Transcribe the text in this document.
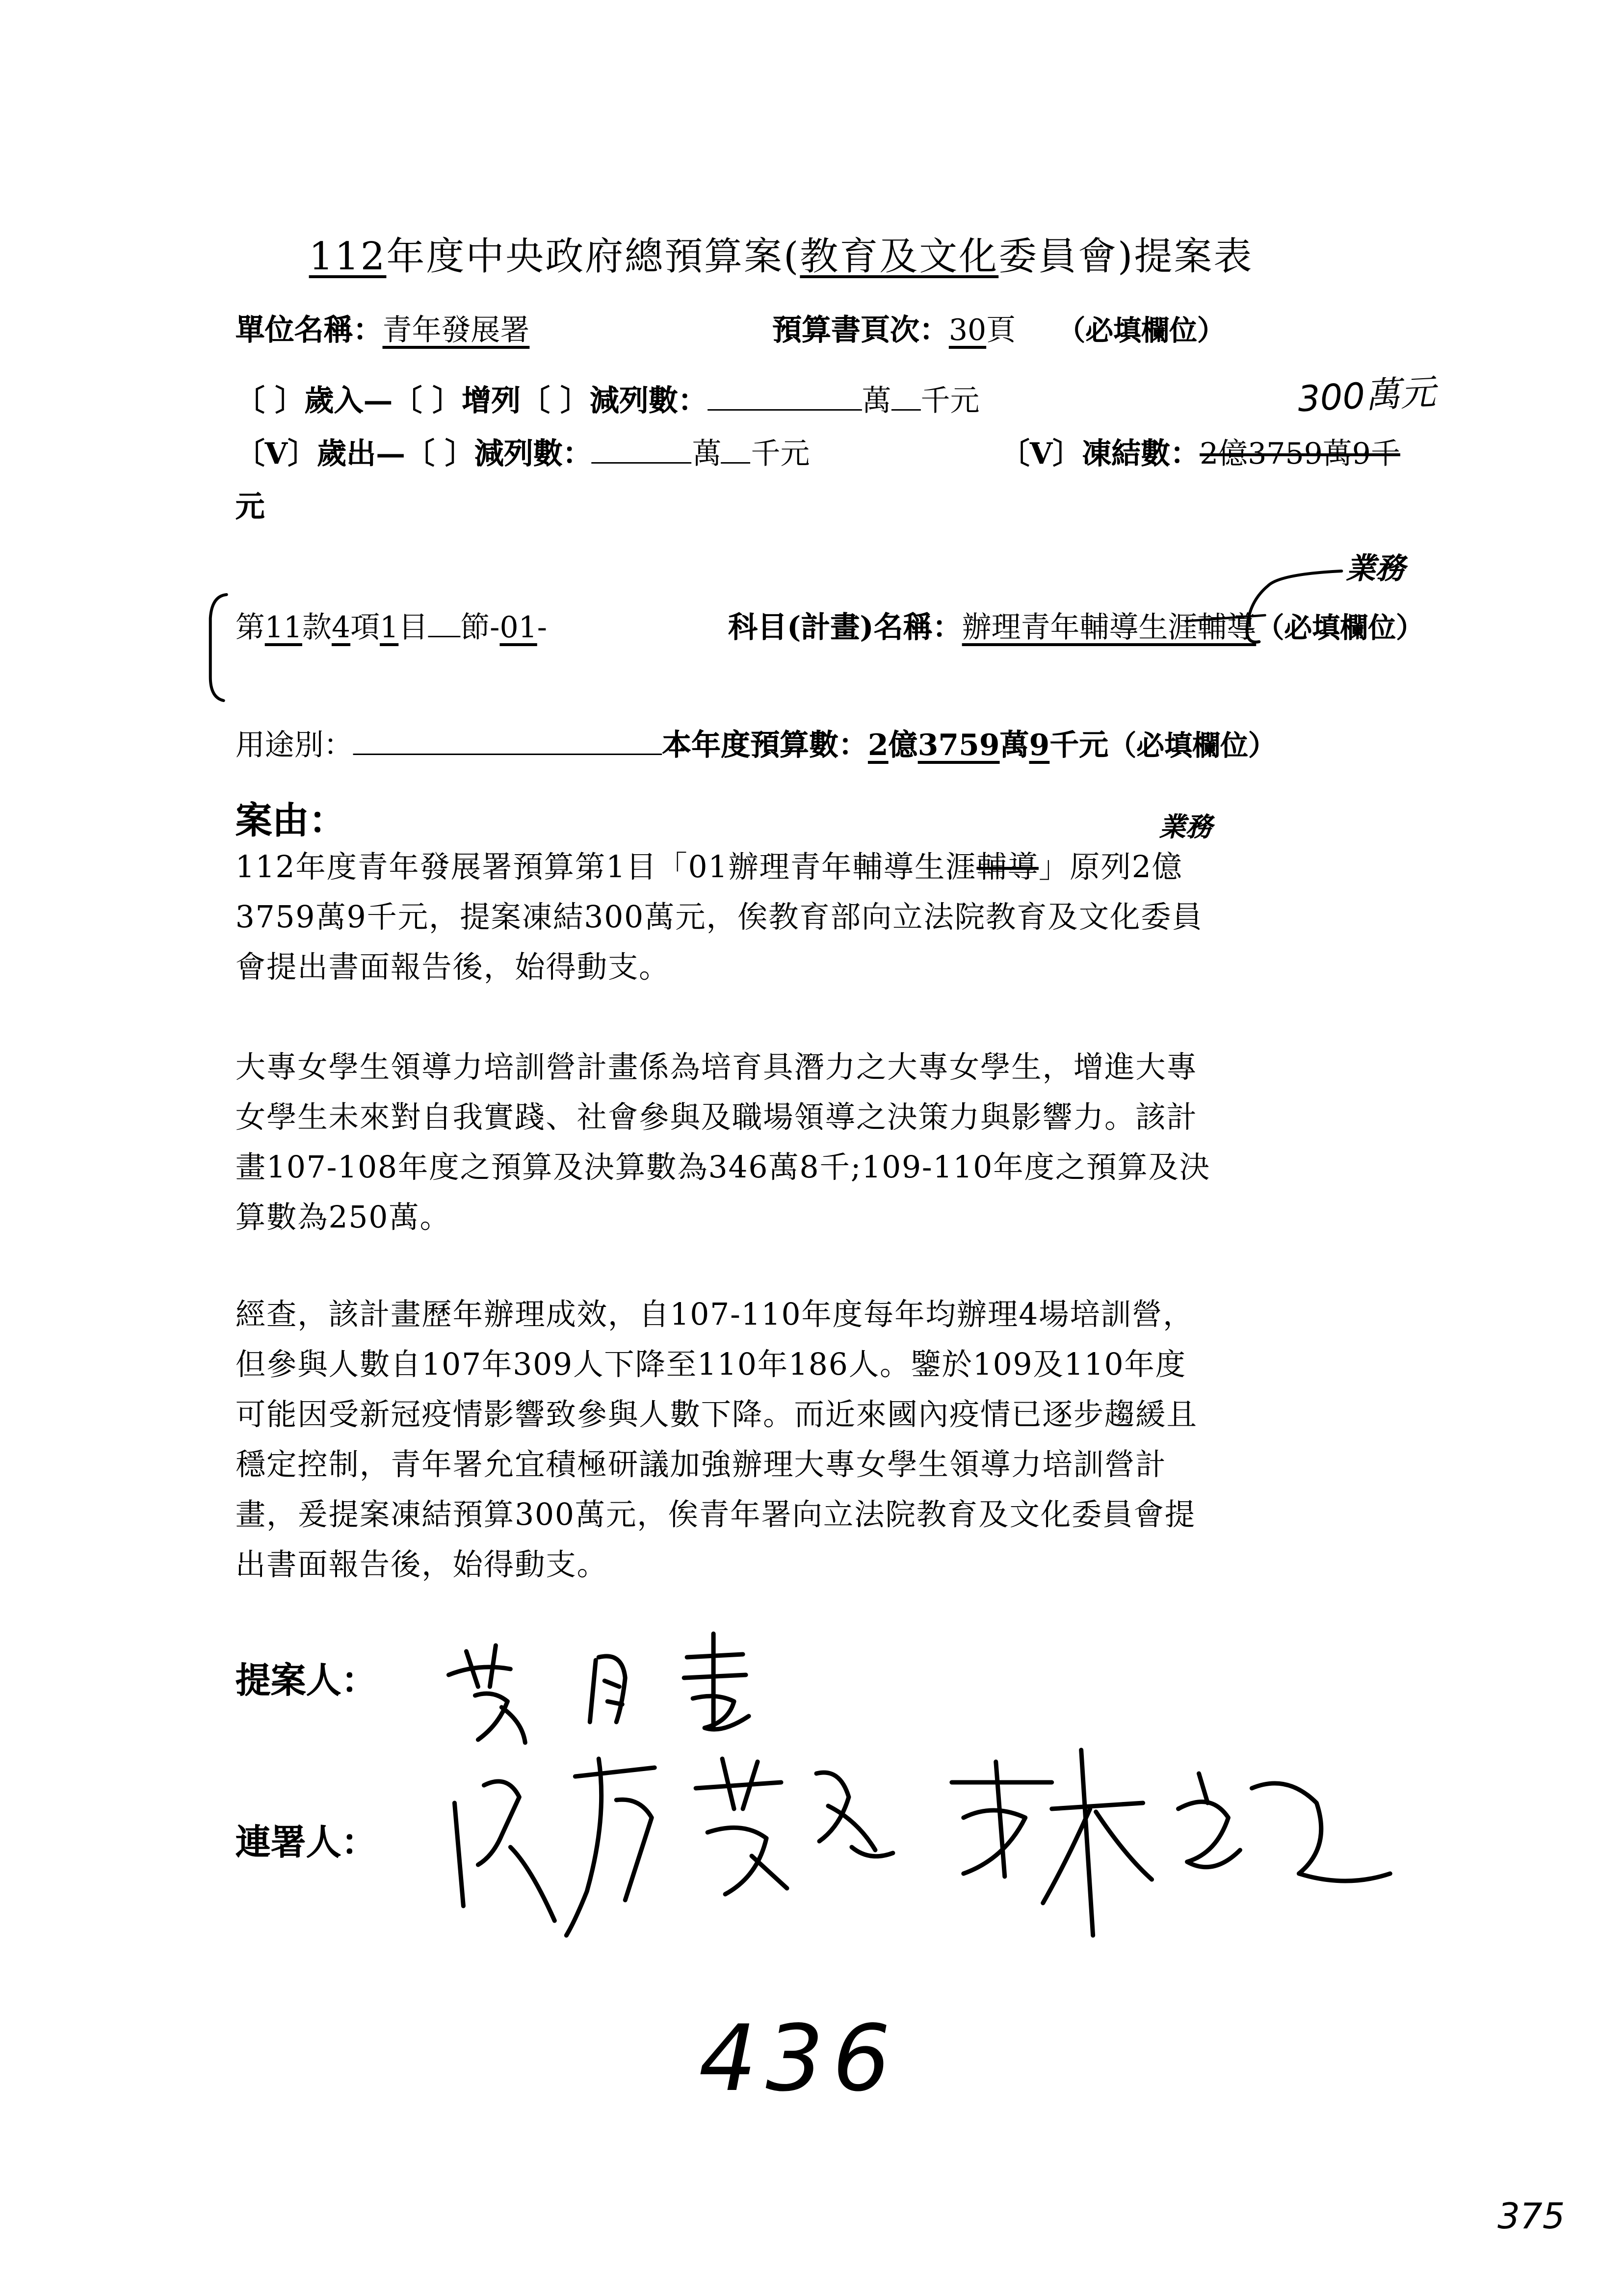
112年度中央政府總預算案(教育及文化委員會)提案表
單位名稱：青年發展署	預算書頁次：30頁	（必填欄位）
〔 〕歲入—〔 〕增列〔 〕減列數：	萬	千元	300萬元
〔V〕歲出—〔 〕減列數：	萬	千元	〔V〕凍結數：2億3759萬9千
元
第11款4項1目	節-01-	科目(計畫)名稱：辦理青年輔導生涯輔導（必填欄位）
業務
用途別：	本年度預算數：2億3759萬9千元（必填欄位）
案由：	業務

112年度青年發展署預算第1目「01辦理青年輔導生涯輔導」原列2億

3759萬9千元，提案凍結300萬元，俟教育部向立法院教育及文化委員

會提出書面報告後，始得動支。

大專女學生領導力培訓營計畫係為培育具潛力之大專女學生，增進大專

女學生未來對自我實踐、社會參與及職場領導之決策力與影響力。該計

畫107-108年度之預算及決算數為346萬8千;109-110年度之預算及決

算數為250萬。

經查，該計畫歷年辦理成效，自107-110年度每年均辦理4場培訓營，

但參與人數自107年309人下降至110年186人。鑒於109及110年度

可能因受新冠疫情影響致參與人數下降。而近來國內疫情已逐步趨緩且

穩定控制，青年署允宜積極研議加強辦理大專女學生領導力培訓營計

畫，爰提案凍結預算300萬元，俟青年署向立法院教育及文化委員會提

出書面報告後，始得動支。

提案人：
連署人：
436
375
